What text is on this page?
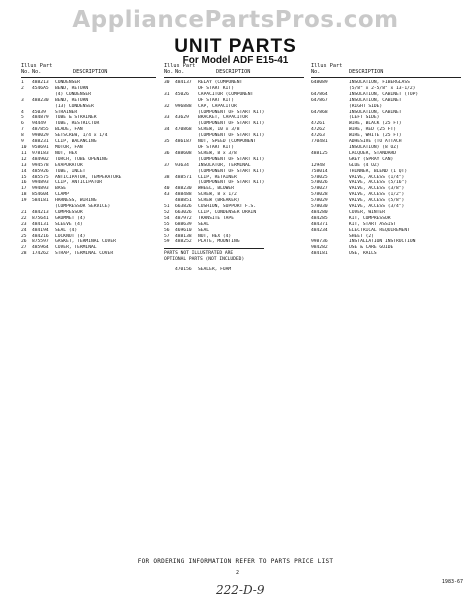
AppliancePartsPros.com
UNIT PARTS
For Model ADF E15-41
Illus Part
No. No.	DESCRIPTION
1	488213	CONDENSER
2	4546A5	BEND, RETURN
(4) CONDENSER
3	488230	BEND, RETURN
(13) CONDENSER
4	45039	STRAINER
5	484879	TUBE & STRAINER
6	94449	TUBE, RESTRICTOR
7	487855	BLADE, FAN
8	998029	SETSCREW, 1/4 x 1/4
9	488231	CLIP, BALANCING
10	958691	MOTOR, FAN
11	978183	NUT, HEX
12	484902	TORCH, TUBE OPENING
13	994578	EVAPORATOR
14	485926	TUBE, INLET
15	485575	ANTICIPATOR, TEMPERATURE
16	994893	CLIP, ANTICIPATOR
17	994893	BASE
18	854604	CLAMP
19	584181	HARNESS, WIRING
(COMPRESSOR SERVICE)
21	484213	COMPRESSOR
22	875641	GROMMET (4)
23	484131	SLEEVE (4)
24	484194	SEAL (4)
25	484216	LOCKNUT (4)
26	875597	GASKET, TERMINAL COVER
27	485964	COVER, TERMINAL
28	174262	STRAP, TERMINAL COVER
Illus Part
No. No.	DESCRIPTION
30	484137	RELAY (COMPONENT
OF START KIT)
31	45026	CAPACITOR (COMPONENT
OF START KIT)
32	996888	CAP, CAPACITOR
(COMPONENT OF START KIT)
33	43629	BRACKET, CAPACITOR
(COMPONENT OF START KIT)
34	470868	SCREW, 10 x 3/8
(COMPONENT OF START KIT)
35	486187	NUT, SPEED (COMPONENT
OF START KIT)
36	488608	SCREW, 8 x 3/8
(COMPONENT OF START KIT)
37	93634	INSULATOR, TERMINAL
(COMPONENT OF START KIT)
38	488571	CLIP, RETAINER
(COMPONENT OF START KIT)
40	488230	WHEEL, BLOWER
43	488488	SCREW, 8 x 1/2
488851	SCREW (BREAKER)
51	663826	CUSHION, SUPPORT F.S.
52	663026	CLIP, CONDENSER DRAIN
54	487972	TRANSITE TAPE
55	688639	SEAL
56	469610	SEAL
57	488138	NUT, HEX (4)
59	488252	PLATE, MOUNTING
PARTS NOT ILLUSTRATED ARE
OPTIONAL PARTS (NOT INCLUDED)
470156	SEALER, FOAM
Illus Part
No.	DESCRIPTION
648089	INSULATION, FIBERGLASS
(5/8" x 2-5/8" x 13-1/2)
647864	INSULATION, CABINET (TOP)
647867	INSULATION, CABINET
(RIGHT SIDE)
647868	INSULATION, CABINET
(LEFT SIDE)
47261	WIRE, BLACK (25 FT)
47262	WIRE, RED (25 FT)
47263	WIRE, WHITE (25 FT)
770481	ADHESIVE (TO ATTACH
INSULATION) (8 OZ)
488125	LACQUER, STANDARD
GREY (SPRAY CAN)
12948	GLUE (4 OZ)
758014	THINNER, BLEND (1 QT)
578025	VALVE, ACCESS (1/4")
578026	VALVE, ACCESS (5/16")
578027	VALVE, ACCESS (3/8")
578028	VALVE, ACCESS (1/2")
578029	VALVE, ACCESS (5/8")
578030	VALVE, ACCESS (3/4")
484280	COVER, WINTER
484285	KIT, COMPRESSOR
484371	KIT, START ASSIST
484234	ELECTRICAL REQUIREMENT
SHEET (2)
998736	INSTALLATION INSTRUCTION
984282	USE & CARE GUIDE
484181	USE, RAILS
FOR ORDERING INFORMATION REFER TO PARTS PRICE LIST
2
1983-67
222-D-9
